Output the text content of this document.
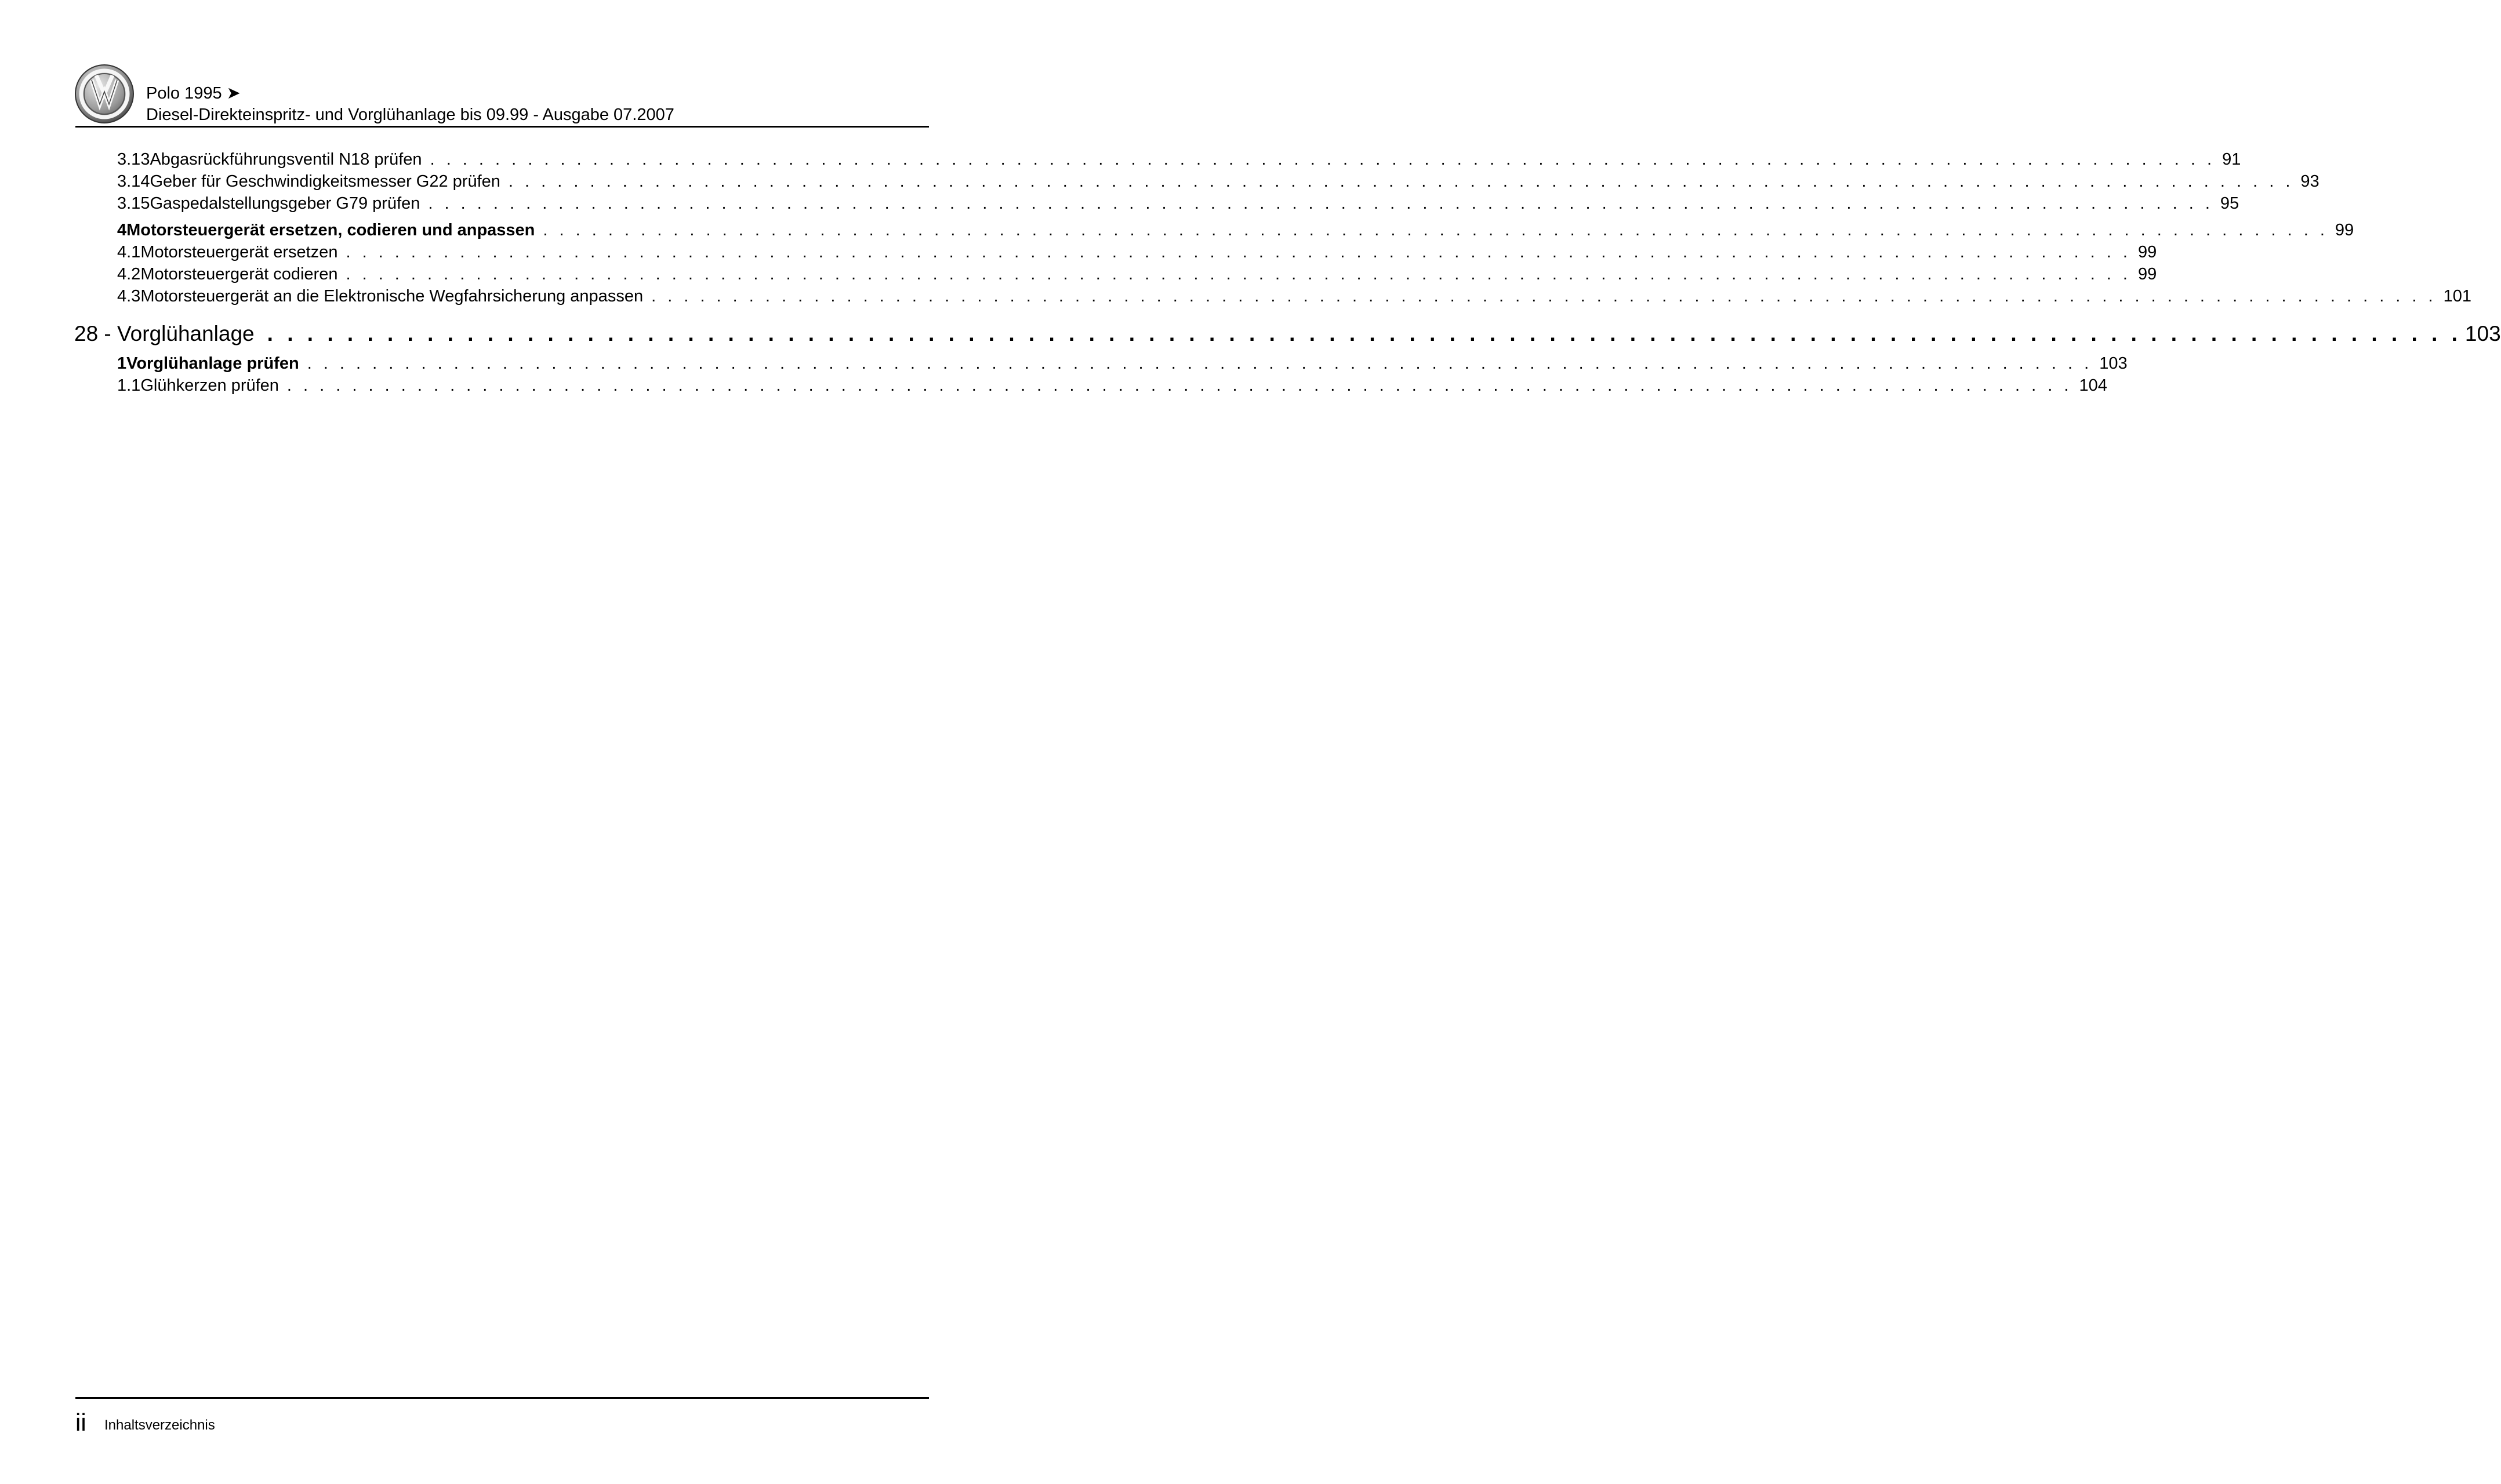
Polo 1995 ➤
Diesel-Direkteinspritz- und Vorglühanlage bis 09.99 - Ausgabe 07.2007
3.13 Abgasrückführungsventil N18 prüfen . . . . . . . . . . . . . . . . . . . . . . . . . . . . . . . . . . . . . . . . . . . . . . . . . . . . . . . . . . . . . . . . . . . . . . . . . . . . . . . . . . . . . . . . . . . . . . . . . . . . . . . . . . . . . . 91
3.14 Geber für Geschwindigkeitsmesser G22 prüfen . . . . . . . . . . . . . . . . . . . . . . . . . . . . . . . . . . . . . . . . . . . . . . . . . . . . . . . . . . . . . . . . . . . . . . . . . . . . . . . . . . . . . . . . . . . . . . . . . . . . . . . . . . . . . . 93
3.15 Gaspedalstellungsgeber G79 prüfen . . . . . . . . . . . . . . . . . . . . . . . . . . . . . . . . . . . . . . . . . . . . . . . . . . . . . . . . . . . . . . . . . . . . . . . . . . . . . . . . . . . . . . . . . . . . . . . . . . . . . . . . . . . . . . 95
4 Motorsteuergerät ersetzen, codieren und anpassen . . . . . . . . . . . . . . . . . . . . . . . . . . . . . . . . . . . . . . . . . . . . . . . . . . . . . . . . . . . . . . . . . . . . . . . . . . . . . . . . . . . . . . . . . . . . . . . . . . . . . . . . . . . . . . 99
4.1 Motorsteuergerät ersetzen . . . . . . . . . . . . . . . . . . . . . . . . . . . . . . . . . . . . . . . . . . . . . . . . . . . . . . . . . . . . . . . . . . . . . . . . . . . . . . . . . . . . . . . . . . . . . . . . . . . . . . . . . . . . . . 99
4.2 Motorsteuergerät codieren . . . . . . . . . . . . . . . . . . . . . . . . . . . . . . . . . . . . . . . . . . . . . . . . . . . . . . . . . . . . . . . . . . . . . . . . . . . . . . . . . . . . . . . . . . . . . . . . . . . . . . . . . . . . . . 99
4.3 Motorsteuergerät an die Elektronische Wegfahrsicherung anpassen . . . . . . . . . . . . . . . . . . . . . . . . . . . . . . . . . . . . . . . . . . . . . . . . . . . . . . . . . . . . . . . . . . . . . . . . . . . . . . . . . . . . . . . . . . . . . . . . . . . . . . . . . . . . . . 101
28 - Vorglühanlage . . . . . . . . . . . . . . . . . . . . . . . . . . . . . . . . . . . . . . . . . . . . . . . . . . . . . . . . . . . . . . . . . . . . . . . . . . . . . . . . . . . . . . . . . . . . . . . . . . . . . . . . . . . . . . 103
1 Vorglühanlage prüfen . . . . . . . . . . . . . . . . . . . . . . . . . . . . . . . . . . . . . . . . . . . . . . . . . . . . . . . . . . . . . . . . . . . . . . . . . . . . . . . . . . . . . . . . . . . . . . . . . . . . . . . . . . . . . . 103
1.1 Glühkerzen prüfen . . . . . . . . . . . . . . . . . . . . . . . . . . . . . . . . . . . . . . . . . . . . . . . . . . . . . . . . . . . . . . . . . . . . . . . . . . . . . . . . . . . . . . . . . . . . . . . . . . . . . . . . . . . . . . 104
ii Inhaltsverzeichnis
